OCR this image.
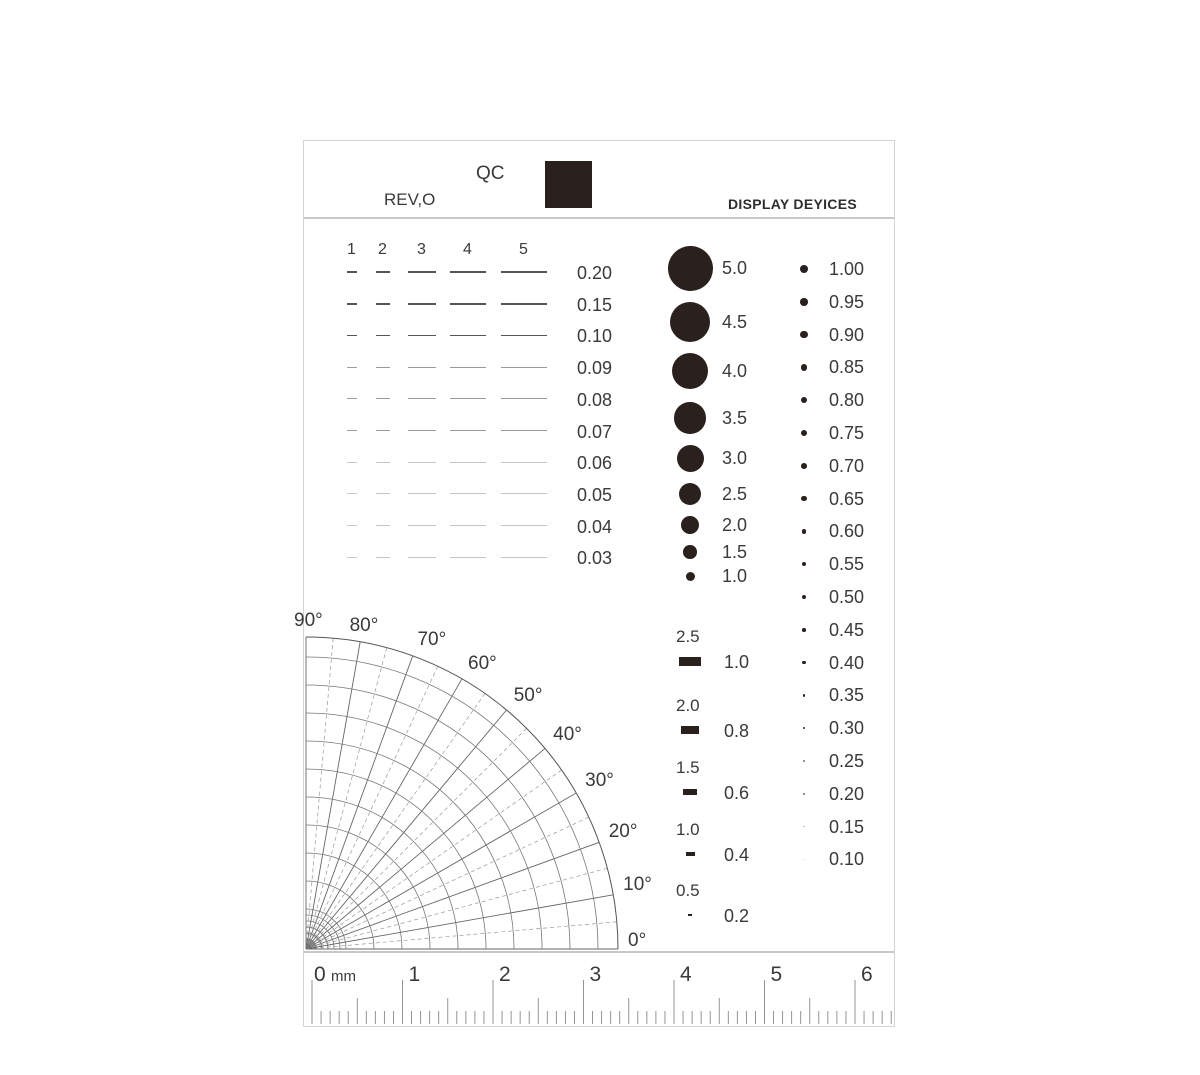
QC
REV,O	DISPLAY DEYICES
1 2 3 4	5
0.20
0.15
0.10
0.09
0.08
0.07
0.06
0.05
0.04
0.03
5.0
4.5
4.0
3.5
3.0
2.5
2.0
1.5
1.0
2.5
1.0
2.0
0.8
1.5
0.6
1.0
0.4
0.5
0.2
1.00
0.95
0.90
0.85
0.80
0.75
0.70
0.65
0.60
0.55
0.50
0.45
0.40
0.35
0.30
0.25
0.20
0.15
0.10
90° 80°
70°
60°
50°
40°
30°
20°
10°
0°
0	1	2	3	4	5	6
mm
